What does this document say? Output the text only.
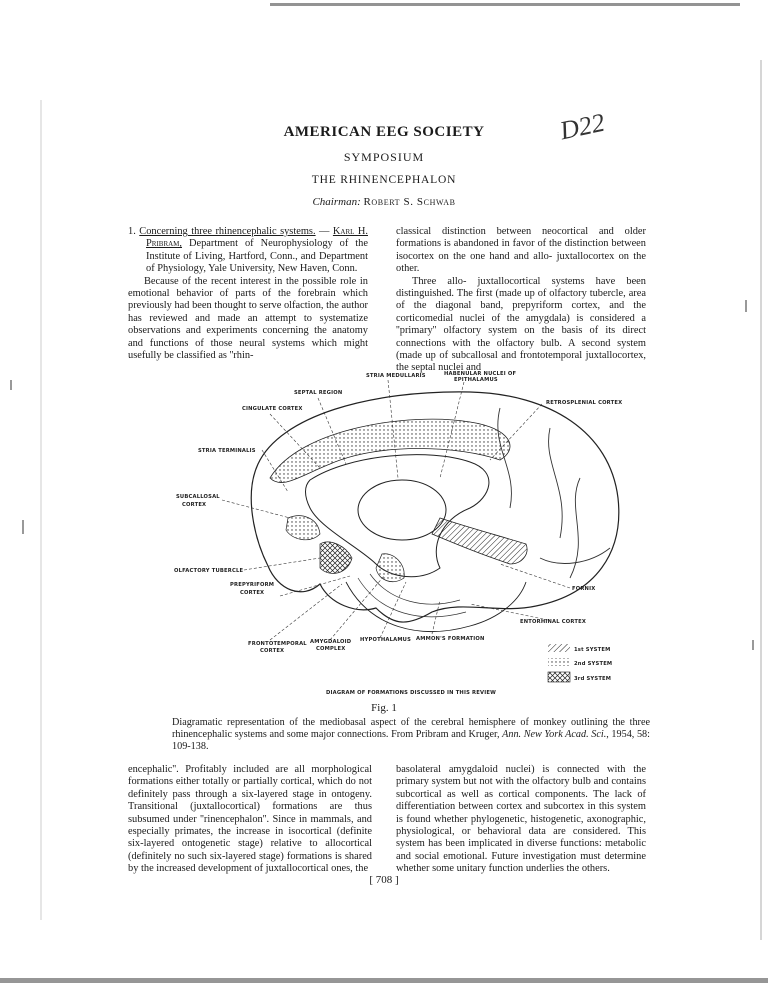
D22
AMERICAN EEG SOCIETY
SYMPOSIUM
THE RHINENCEPHALON
Chairman: Robert S. Schwab

1. Concerning three rhinencephalic systems. — Karl H. Pribram, Department of Neurophysiology of the Institute of Living, Hartford, Conn., and Department of Physiology, Yale University, New Haven, Conn.

Because of the recent interest in the possible role in emotional behavior of parts of the forebrain which previously had been thought to serve olfaction, the author has reviewed and made an attempt to systematize observations and experiments concerning the anatomy and functions of those neural systems which might usefully be classified as ''rhin-

classical distinction between neocortical and older formations is abandoned in favor of the distinction between isocortex on the one hand and allo- juxtallocortex on the other.

Three allo- juxtallocortical systems have been distinguished. The first (made up of olfactory tubercle, area of the diagonal band, prepyriform cortex, and the corticomedial nuclei of the amygdala) is considered a ''primary'' olfactory system on the basis of its direct connections with the olfactory bulb. A second system (made up of subcallosal and frontotemporal juxtallocortex, the septal nuclei and

STRIA MEDULLARIS	HABENULAR NUCLEI OF
EPITHALAMUS
SEPTAL REGION
CINGULATE CORTEX
RETROSPLENIAL CORTEX
STRIA TERMINALIS
SUBCALLOSAL
CORTEX
OLFACTORY TUBERCLE
PREPYRIFORM
CORTEX
FORNIX
ENTORHINAL CORTEX
FRONTOTEMPORAL
CORTEX
AMYGDALOID
COMPLEX
HYPOTHALAMUS AMMON'S FORMATION
1st SYSTEM
2nd SYSTEM
3rd SYSTEM
DIAGRAM OF FORMATIONS DISCUSSED IN THIS REVIEW
Fig. 1
Diagramatic representation of the mediobasal aspect of the cerebral hemisphere of monkey outlining the three rhinencephalic systems and some major connections. From Pribram and Kruger, Ann. New York Acad. Sci., 1954, 58: 109-138.

encephalic''. Profitably included are all morphological formations either totally or partially cortical, which do not definitely pass through a six-layered stage in ontogeny. Transitional (juxtallocortical) formations are thus subsumed under ''rinencephalon''. Since in mammals, and especially primates, the increase in isocortical (definite six-layered ontogenetic stage) relative to allocortical (definitely no such six-layered stage) formations is shared by the increased development of juxtallocortical ones, the

basolateral amygdaloid nuclei) is connected with the primary system but not with the olfactory bulb and contains subcortical as well as cortical components. The lack of differentiation between cortex and subcortex in this system is found whether phylogenetic, histogenetic, axonographic, physiological, or behavioral data are considered. This system has been implicated in diverse functions: metabolic and social emotional. Future investigation must determine whether some unitary function underlies the others.

[ 708 ]
